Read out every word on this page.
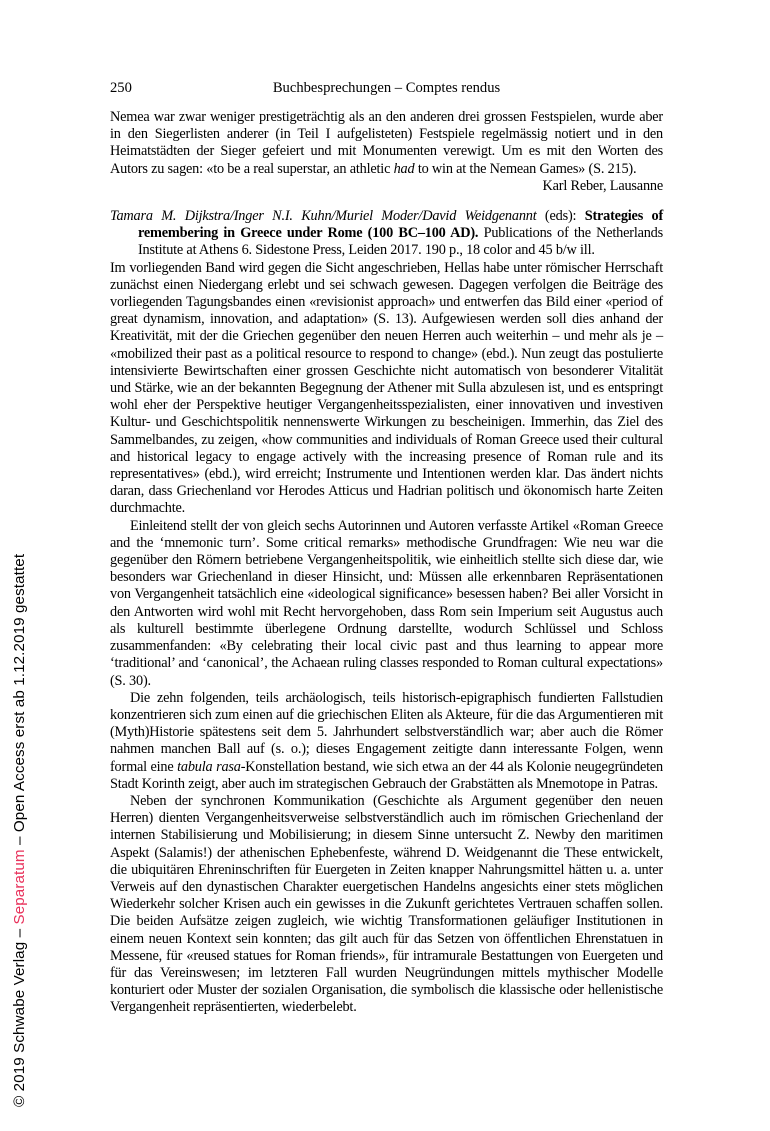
© 2019 Schwabe Verlag – Separatum – Open Access erst ab 1.12.2019 gestattet
250	Buchbesprechungen – Comptes rendus

Nemea war zwar weniger prestigeträchtig als an den anderen drei grossen Festspielen, wurde aber in den Siegerlisten anderer (in Teil I aufgelisteten) Festspiele regelmässig notiert und in den Heimatstädten der Sieger gefeiert und mit Monumenten verewigt. Um es mit den Worten des Autors zu sagen: «to be a real superstar, an athletic had to win at the Nemean Games» (S. 215).

Karl Reber, Lausanne

Tamara M. Dijkstra/Inger N.I. Kuhn/Muriel Moder/David Weidgenannt (eds): Strategies of remembering in Greece under Rome (100 BC–100 AD). Publications of the Netherlands Institute at Athens 6. Sidestone Press, Leiden 2017. 190 p., 18 color and 45 b/w ill.

Im vorliegenden Band wird gegen die Sicht angeschrieben, Hellas habe unter römischer Herrschaft zunächst einen Niedergang erlebt und sei schwach gewesen. Dagegen verfolgen die Beiträge des vorliegenden Tagungsbandes einen «revisionist approach» und entwerfen das Bild einer «period of great dynamism, innovation, and adaptation» (S. 13). Aufgewiesen werden soll dies anhand der Kreativität, mit der die Griechen gegenüber den neuen Herren auch weiterhin – und mehr als je – «mobilized their past as a political resource to respond to change» (ebd.). Nun zeugt das postulierte intensivierte Bewirtschaften einer grossen Geschichte nicht automatisch von besonderer Vitalität und Stärke, wie an der bekannten Begegnung der Athener mit Sulla abzulesen ist, und es entspringt wohl eher der Perspektive heutiger Vergangenheitsspezialisten, einer innovativen und investiven Kultur- und Geschichtspolitik nennenswerte Wirkungen zu bescheinigen. Immerhin, das Ziel des Sammelbandes, zu zeigen, «how communities and individuals of Roman Greece used their cultural and historical legacy to engage actively with the increasing presence of Roman rule and its representatives» (ebd.), wird erreicht; Instrumente und Intentionen werden klar. Das ändert nichts daran, dass Griechenland vor Herodes Atticus und Hadrian politisch und ökonomisch harte Zeiten durchmachte.

Einleitend stellt der von gleich sechs Autorinnen und Autoren verfasste Artikel «Roman Greece and the ‘mnemonic turn’. Some critical remarks» methodische Grundfragen: Wie neu war die gegenüber den Römern betriebene Vergangenheitspolitik, wie einheitlich stellte sich diese dar, wie besonders war Griechenland in dieser Hinsicht, und: Müssen alle erkennbaren Repräsentationen von Vergangenheit tatsächlich eine «ideological significance» besessen haben? Bei aller Vorsicht in den Antworten wird wohl mit Recht hervorgehoben, dass Rom sein Imperium seit Augustus auch als kulturell bestimmte überlegene Ordnung darstellte, wodurch Schlüssel und Schloss zusammenfanden: «By celebrating their local civic past and thus learning to appear more ‘traditional’ and ‘canonical’, the Achaean ruling classes responded to Roman cultural expectations» (S. 30).

Die zehn folgenden, teils archäologisch, teils historisch-epigraphisch fundierten Fallstudien konzentrieren sich zum einen auf die griechischen Eliten als Akteure, für die das Argumentieren mit (Myth)Historie spätestens seit dem 5. Jahrhundert selbstverständlich war; aber auch die Römer nahmen manchen Ball auf (s. o.); dieses Engagement zeitigte dann interessante Folgen, wenn formal eine tabula rasa-Konstellation bestand, wie sich etwa an der 44 als Kolonie neugegründeten Stadt Korinth zeigt, aber auch im strategischen Gebrauch der Grabstätten als Mnemotope in Patras.

Neben der synchronen Kommunikation (Geschichte als Argument gegenüber den neuen Herren) dienten Vergangenheitsverweise selbstverständlich auch im römischen Griechenland der internen Stabilisierung und Mobilisierung; in diesem Sinne untersucht Z. Newby den maritimen Aspekt (Salamis!) der athenischen Ephebenfeste, während D. Weidgenannt die These entwickelt, die ubiquitären Ehreninschriften für Euergeten in Zeiten knapper Nahrungsmittel hätten u. a. unter Verweis auf den dynastischen Charakter euergetischen Handelns angesichts einer stets möglichen Wiederkehr solcher Krisen auch ein gewisses in die Zukunft gerichtetes Vertrauen schaffen sollen. Die beiden Aufsätze zeigen zugleich, wie wichtig Transformationen geläufiger Institutionen in einem neuen Kontext sein konnten; das gilt auch für das Setzen von öffentlichen Ehrenstatuen in Messene, für «reused statues for Roman friends», für intramurale Bestattungen von Euergeten und für das Vereinswesen; im letzteren Fall wurden Neugründungen mittels mythischer Modelle konturiert oder Muster der sozialen Organisation, die symbolisch die klassische oder hellenistische Vergangenheit repräsentierten, wiederbelebt.
